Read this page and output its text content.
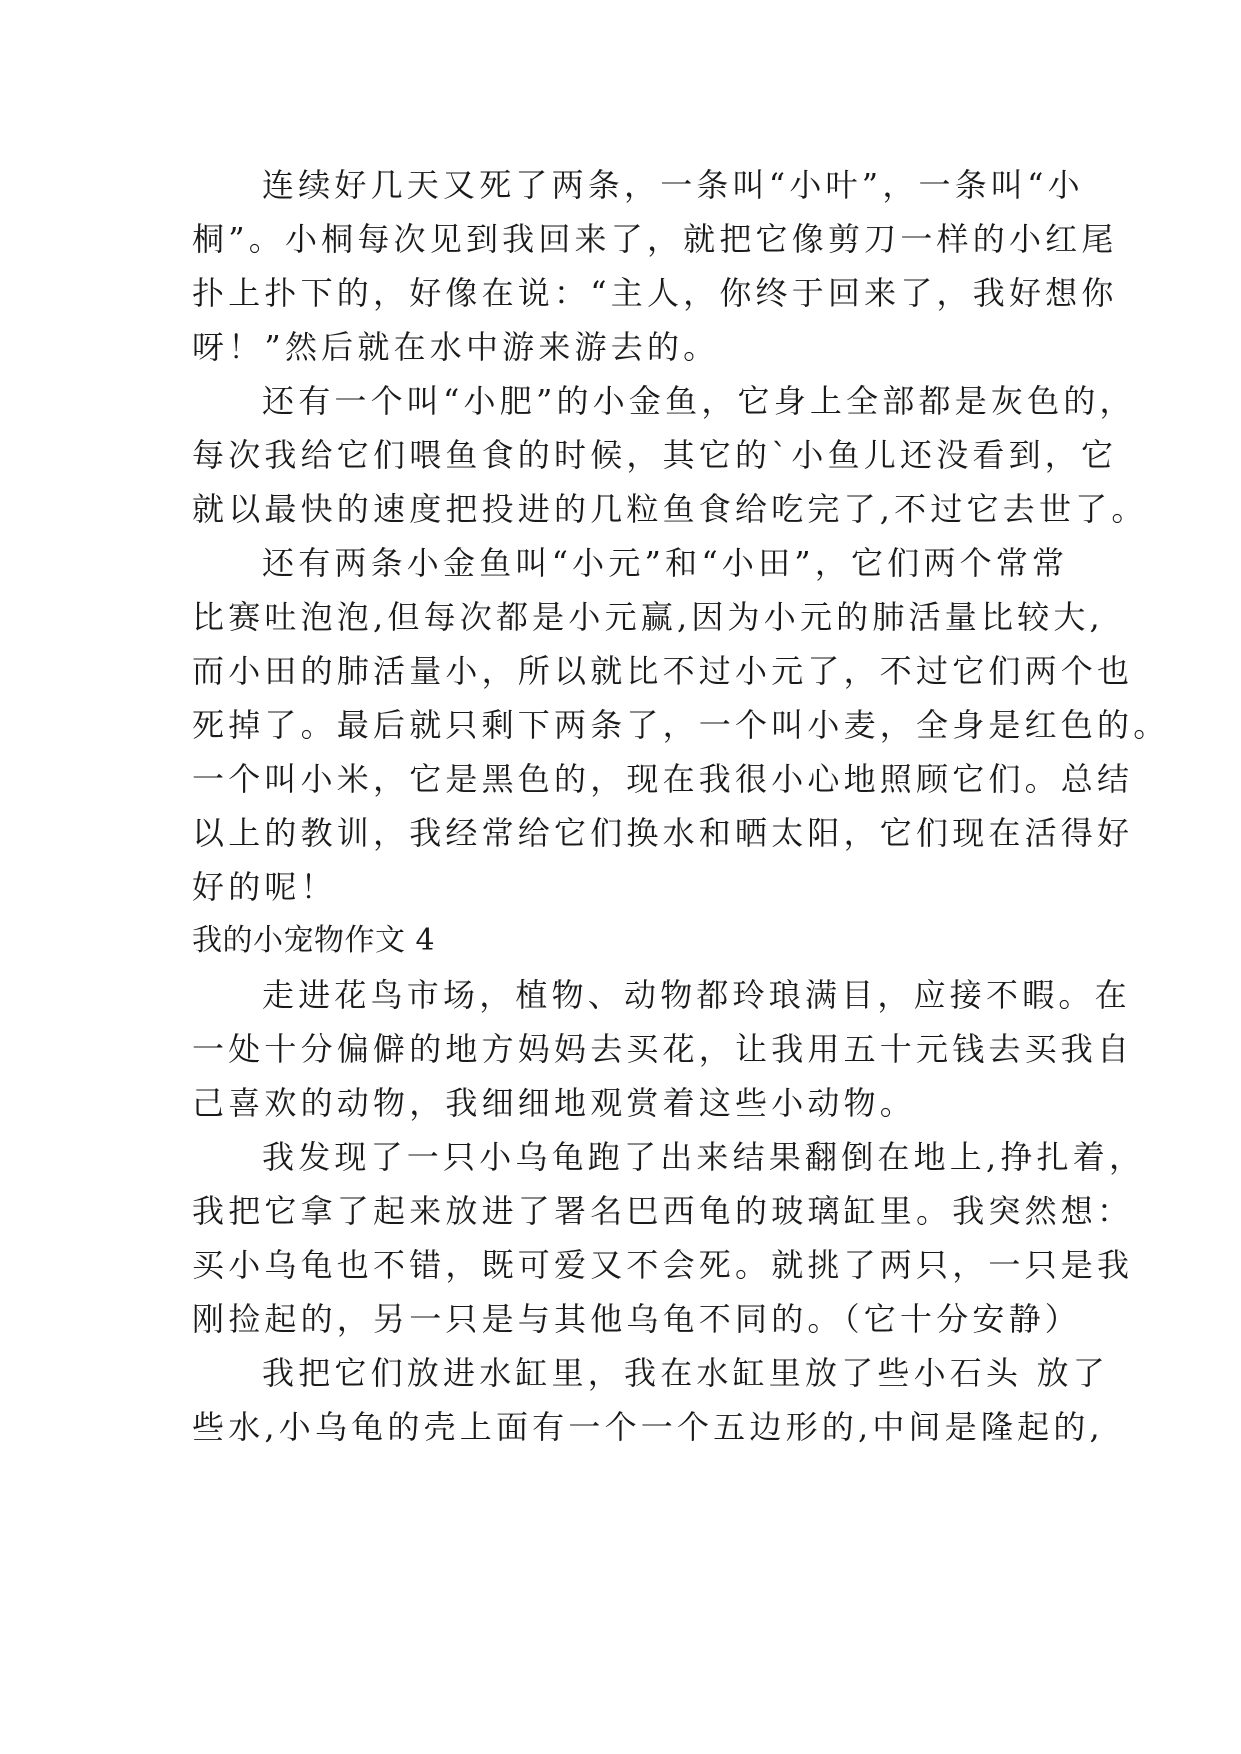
连续好几天又死了两条，一条叫“小叶”，一条叫“小
桐”。小桐每次见到我回来了，就把它像剪刀一样的小红尾
扑上扑下的，好像在说：“主人，你终于回来了，我好想你
呀！”然后就在水中游来游去的。
还有一个叫“小肥”的小金鱼，它身上全部都是灰色的，
每次我给它们喂鱼食的时候，其它的`小鱼儿还没看到，它
就以最快的速度把投进的几粒鱼食给吃完了,不过它去世了。
还有两条小金鱼叫“小元”和“小田”，它们两个常常
比赛吐泡泡,但每次都是小元赢,因为小元的肺活量比较大,
而小田的肺活量小，所以就比不过小元了，不过它们两个也
死掉了。最后就只剩下两条了，一个叫小麦，全身是红色的。
一个叫小米，它是黑色的，现在我很小心地照顾它们。总结
以上的教训，我经常给它们换水和晒太阳，它们现在活得好
好的呢！
我的小宠物作文 4
走进花鸟市场，植物、动物都玲琅满目，应接不暇。在
一处十分偏僻的地方妈妈去买花，让我用五十元钱去买我自
己喜欢的动物，我细细地观赏着这些小动物。
我发现了一只小乌龟跑了出来结果翻倒在地上,挣扎着，
我把它拿了起来放进了署名巴西龟的玻璃缸里。我突然想：
买小乌龟也不错，既可爱又不会死。就挑了两只，一只是我
刚捡起的，另一只是与其他乌龟不同的。（它十分安静）
我把它们放进水缸里，我在水缸里放了些小石头 放了
些水,小乌龟的壳上面有一个一个五边形的,中间是隆起的,
